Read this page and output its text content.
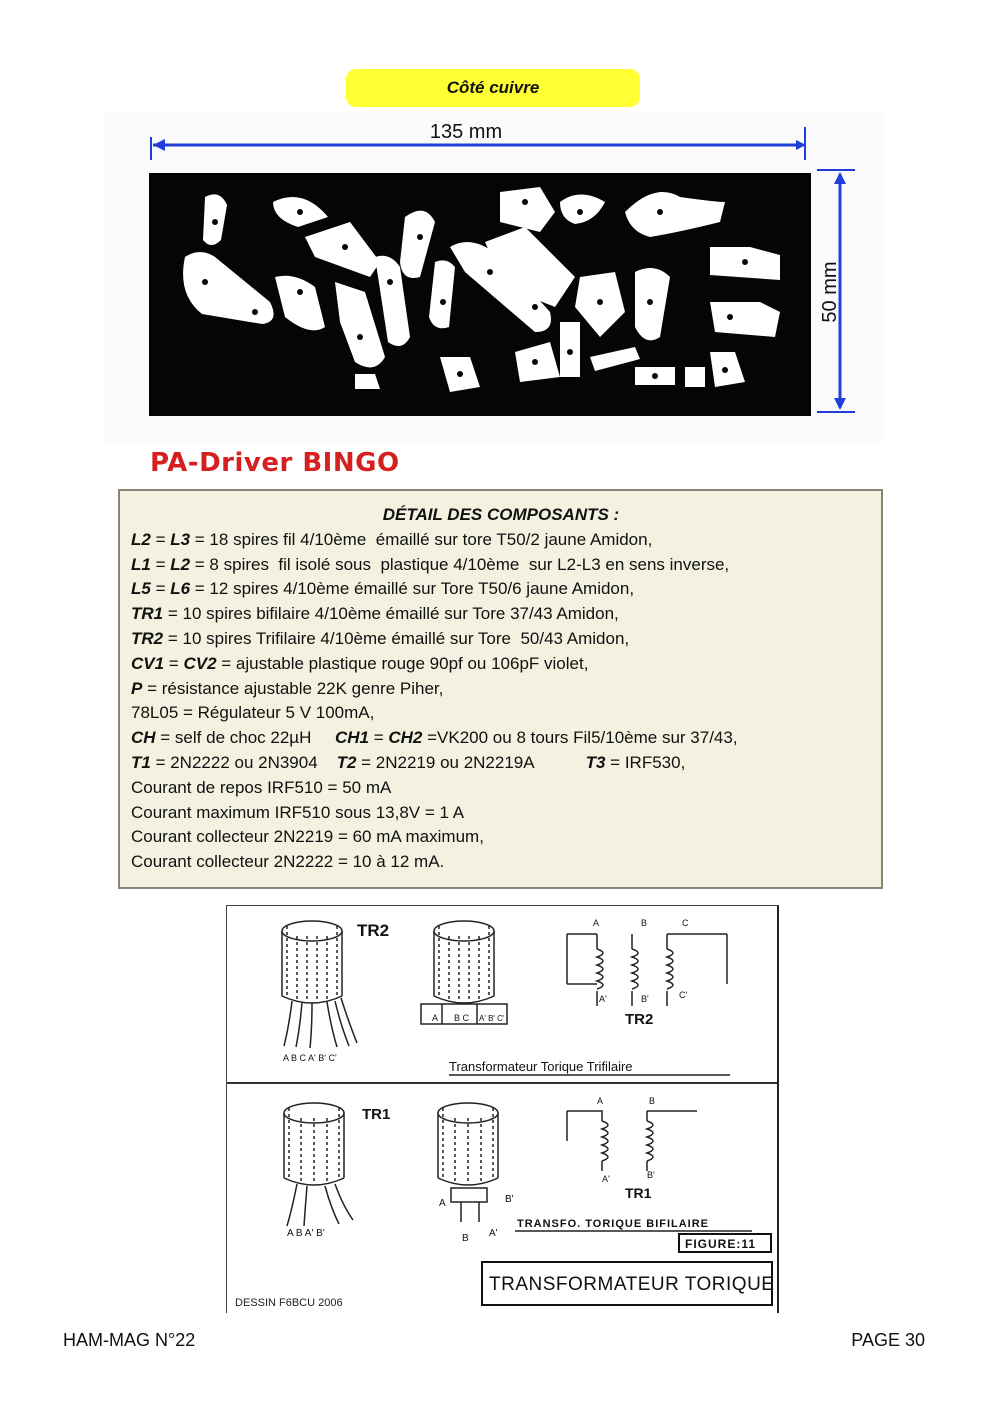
Côté cuivre
135 mm
50 mm
PA-Driver BINGO
DÉTAIL DES COMPOSANTS :
L2 = L3 = 18 spires fil 4/10ème  émaillé sur tore T50/2 jaune Amidon,
L1 = L2 = 8 spires  fil isolé sous  plastique 4/10ème  sur L2-L3 en sens inverse,
L5 = L6 = 12 spires 4/10ème émaillé sur Tore T50/6 jaune Amidon,
TR1 = 10 spires bifilaire 4/10ème émaillé sur Tore 37/43 Amidon,
TR2 = 10 spires Trifilaire 4/10ème émaillé sur Tore  50/43 Amidon,
CV1 = CV2 = ajustable plastique rouge 90pf ou 106pF violet,
P = résistance ajustable 22K genre Piher,
78L05 = Régulateur 5 V 100mA,
CH = self de choc 22µH     CH1 = CH2 =VK200 ou 8 tours Fil5/10ème sur 37/43,
T1 = 2N2222 ou 2N3904    T2 = 2N2219 ou 2N2219A           T3 = IRF530,
Courant de repos IRF510 = 50 mA
Courant maximum IRF510 sous 13,8V = 1 A
Courant collecteur 2N2219 = 60 mA maximum,
Courant collecteur 2N2222 = 10 à 12 mA.
TR2
A B C A' B' C'
A B C A' B' C'
A	B	C
A'	B'	C'
TR2
Transformateur Torique Trifilaire
TR1
A B A' B'
A	B'
B A'
A	B
A'	B'
TR1
TRANSFO. TORIQUE BIFILAIRE
FIGURE:11
TRANSFORMATEUR TORIQUE
DESSIN F6BCU 2006
HAM-MAG N°22	PAGE 30
